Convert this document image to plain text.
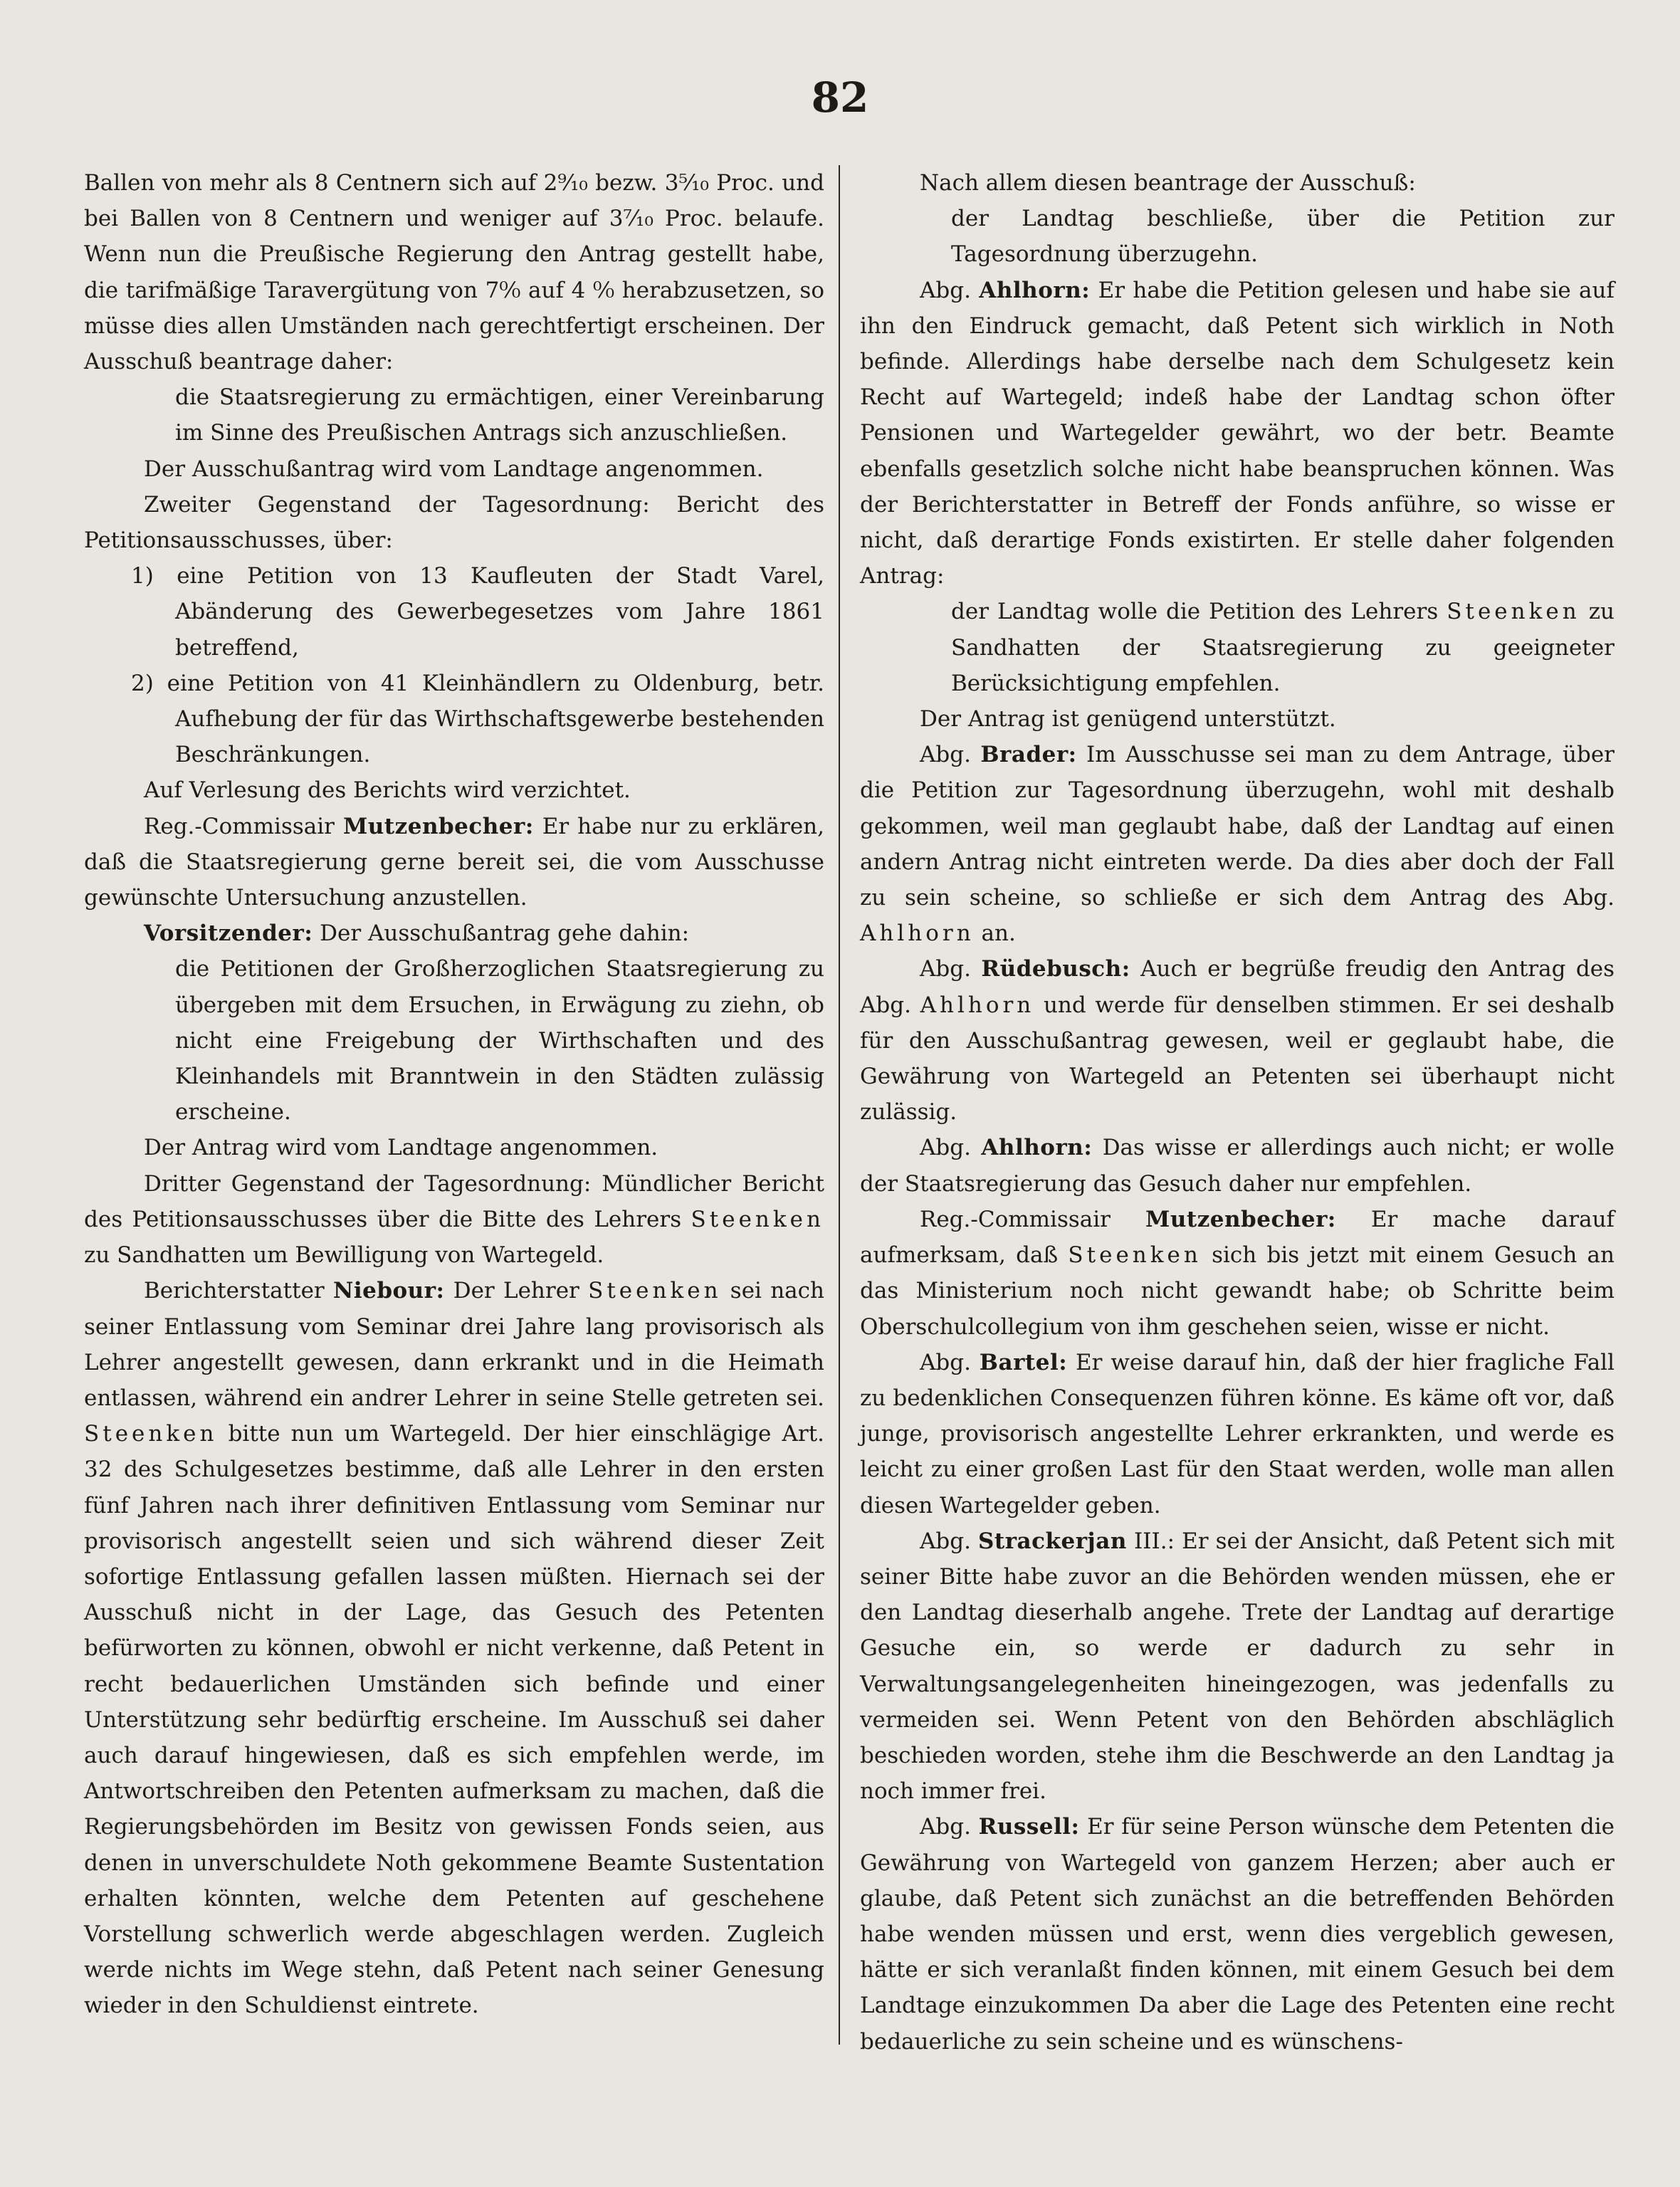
82

Ballen von mehr als 8 Centnern sich auf 2⁹⁄₁₀ bezw. 3⁵⁄₁₀ Proc. und bei Ballen von 8 Centnern und weniger auf 3⁷⁄₁₀ Proc. belaufe. Wenn nun die Preußische Regierung den Antrag gestellt habe, die tarifmäßige Taravergütung von 7⁰⁄₀ auf 4 ⁰⁄₀ herabzusetzen, so müsse dies allen Umständen nach gerechtfertigt erscheinen. Der Ausschuß beantrage daher:

die Staatsregierung zu ermächtigen, einer Vereinbarung im Sinne des Preußischen Antrags sich anzuschließen.

Der Ausschußantrag wird vom Landtage angenommen.

Zweiter Gegenstand der Tagesordnung: Bericht des Petitionsausschusses, über:

1) eine Petition von 13 Kaufleuten der Stadt Varel, Abänderung des Gewerbegesetzes vom Jahre 1861 betreffend,

2) eine Petition von 41 Kleinhändlern zu Oldenburg, betr. Aufhebung der für das Wirthschaftsgewerbe bestehenden Beschränkungen.

Auf Verlesung des Berichts wird verzichtet.

Reg.-Commissair Mutzenbecher: Er habe nur zu erklären, daß die Staatsregierung gerne bereit sei, die vom Ausschusse gewünschte Untersuchung anzustellen.

Vorsitzender: Der Ausschußantrag gehe dahin:

die Petitionen der Großherzoglichen Staatsregierung zu übergeben mit dem Ersuchen, in Erwägung zu ziehn, ob nicht eine Freigebung der Wirthschaften und des Kleinhandels mit Branntwein in den Städten zulässig erscheine.

Der Antrag wird vom Landtage angenommen.

Dritter Gegenstand der Tagesordnung: Mündlicher Bericht des Petitionsausschusses über die Bitte des Lehrers Steenken zu Sandhatten um Bewilligung von Wartegeld.

Berichterstatter Niebour: Der Lehrer Steenken sei nach seiner Entlassung vom Seminar drei Jahre lang provisorisch als Lehrer angestellt gewesen, dann erkrankt und in die Heimath entlassen, während ein andrer Lehrer in seine Stelle getreten sei. Steenken bitte nun um Wartegeld. Der hier einschlägige Art. 32 des Schulgesetzes bestimme, daß alle Lehrer in den ersten fünf Jahren nach ihrer definitiven Entlassung vom Seminar nur provisorisch angestellt seien und sich während dieser Zeit sofortige Entlassung gefallen lassen müßten. Hiernach sei der Ausschuß nicht in der Lage, das Gesuch des Petenten befürworten zu können, obwohl er nicht verkenne, daß Petent in recht bedauerlichen Umständen sich befinde und einer Unterstützung sehr bedürftig erscheine. Im Ausschuß sei daher auch darauf hingewiesen, daß es sich empfehlen werde, im Antwortschreiben den Petenten aufmerksam zu machen, daß die Regierungsbehörden im Besitz von gewissen Fonds seien, aus denen in unverschuldete Noth gekommene Beamte Sustentation erhalten könnten, welche dem Petenten auf geschehene Vorstellung schwerlich werde abgeschlagen werden. Zugleich werde nichts im Wege stehn, daß Petent nach seiner Genesung wieder in den Schuldienst eintrete.

Nach allem diesen beantrage der Ausschuß:

der Landtag beschließe, über die Petition zur Tagesordnung überzugehn.

Abg. Ahlhorn: Er habe die Petition gelesen und habe sie auf ihn den Eindruck gemacht, daß Petent sich wirklich in Noth befinde. Allerdings habe derselbe nach dem Schulgesetz kein Recht auf Wartegeld; indeß habe der Landtag schon öfter Pensionen und Wartegelder gewährt, wo der betr. Beamte ebenfalls gesetzlich solche nicht habe beanspruchen können. Was der Berichterstatter in Betreff der Fonds anführe, so wisse er nicht, daß derartige Fonds existirten. Er stelle daher folgenden Antrag:

der Landtag wolle die Petition des Lehrers Steenken zu Sandhatten der Staatsregierung zu geeigneter Berücksichtigung empfehlen.

Der Antrag ist genügend unterstützt.

Abg. Brader: Im Ausschusse sei man zu dem Antrage, über die Petition zur Tagesordnung überzugehn, wohl mit deshalb gekommen, weil man geglaubt habe, daß der Landtag auf einen andern Antrag nicht eintreten werde. Da dies aber doch der Fall zu sein scheine, so schließe er sich dem Antrag des Abg. Ahlhorn an.

Abg. Rüdebusch: Auch er begrüße freudig den Antrag des Abg. Ahlhorn und werde für denselben stimmen. Er sei deshalb für den Ausschußantrag gewesen, weil er geglaubt habe, die Gewährung von Wartegeld an Petenten sei überhaupt nicht zulässig.

Abg. Ahlhorn: Das wisse er allerdings auch nicht; er wolle der Staatsregierung das Gesuch daher nur empfehlen.

Reg.-Commissair Mutzenbecher: Er mache darauf aufmerksam, daß Steenken sich bis jetzt mit einem Gesuch an das Ministerium noch nicht gewandt habe; ob Schritte beim Oberschulcollegium von ihm geschehen seien, wisse er nicht.

Abg. Bartel: Er weise darauf hin, daß der hier fragliche Fall zu bedenklichen Consequenzen führen könne. Es käme oft vor, daß junge, provisorisch angestellte Lehrer erkrankten, und werde es leicht zu einer großen Last für den Staat werden, wolle man allen diesen Wartegelder geben.

Abg. Strackerjan III.: Er sei der Ansicht, daß Petent sich mit seiner Bitte habe zuvor an die Behörden wenden müssen, ehe er den Landtag dieserhalb angehe. Trete der Landtag auf derartige Gesuche ein, so werde er dadurch zu sehr in Verwaltungsangelegenheiten hineingezogen, was jedenfalls zu vermeiden sei. Wenn Petent von den Behörden abschläglich beschieden worden, stehe ihm die Beschwerde an den Landtag ja noch immer frei.

Abg. Russell: Er für seine Person wünsche dem Petenten die Gewährung von Wartegeld von ganzem Herzen; aber auch er glaube, daß Petent sich zunächst an die betreffenden Behörden habe wenden müssen und erst, wenn dies vergeblich gewesen, hätte er sich veranlaßt finden können, mit einem Gesuch bei dem Landtage einzukommen Da aber die Lage des Petenten eine recht bedauerliche zu sein scheine und es wünschens-
